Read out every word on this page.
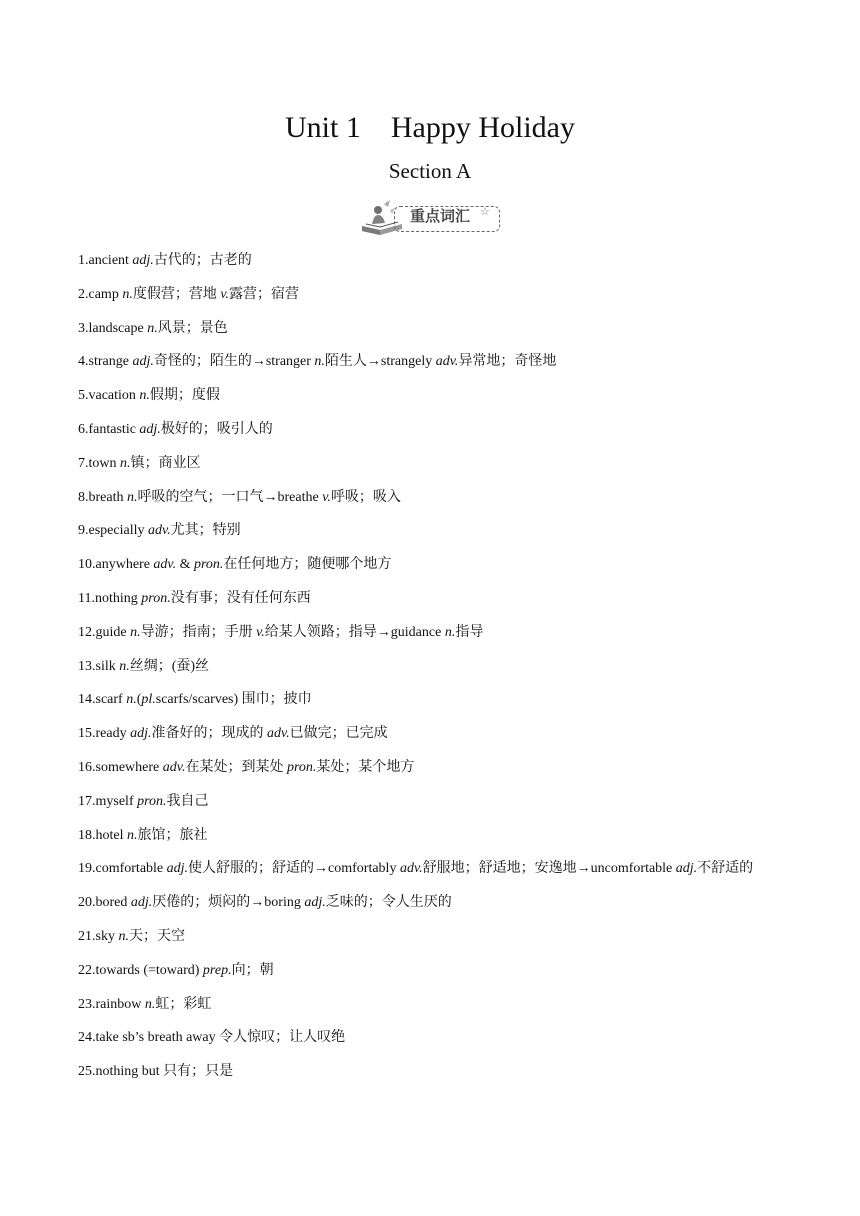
Unit 1 Happy Holiday
Section A
重点词汇 ☆
1.ancient adj.古代的；古老的
2.camp n.度假营；营地 v.露营；宿营
3.landscape n.风景；景色
4.strange adj.奇怪的；陌生的→stranger n.陌生人→strangely adv.异常地；奇怪地
5.vacation n.假期；度假
6.fantastic adj.极好的；吸引人的
7.town n.镇；商业区
8.breath n.呼吸的空气；一口气→breathe v.呼吸；吸入
9.especially adv.尤其；特别
10.anywhere adv. & pron.在任何地方；随便哪个地方
11.nothing pron.没有事；没有任何东西
12.guide n.导游；指南；手册 v.给某人领路；指导→guidance n.指导
13.silk n.丝绸；(蚕)丝
14.scarf n.(pl.scarfs/scarves) 围巾；披巾
15.ready adj.准备好的；现成的 adv.已做完；已完成
16.somewhere adv.在某处；到某处 pron.某处；某个地方
17.myself pron.我自己
18.hotel n.旅馆；旅社
19.comfortable adj.使人舒服的；舒适的→comfortably adv.舒服地；舒适地；安逸地→uncomfortable adj.不舒适的
20.bored adj.厌倦的；烦闷的→boring adj.乏味的；令人生厌的
21.sky n.天；天空
22.towards (=toward) prep.向；朝
23.rainbow n.虹；彩虹
24.take sb’s breath away 令人惊叹；让人叹绝
25.nothing but 只有；只是
